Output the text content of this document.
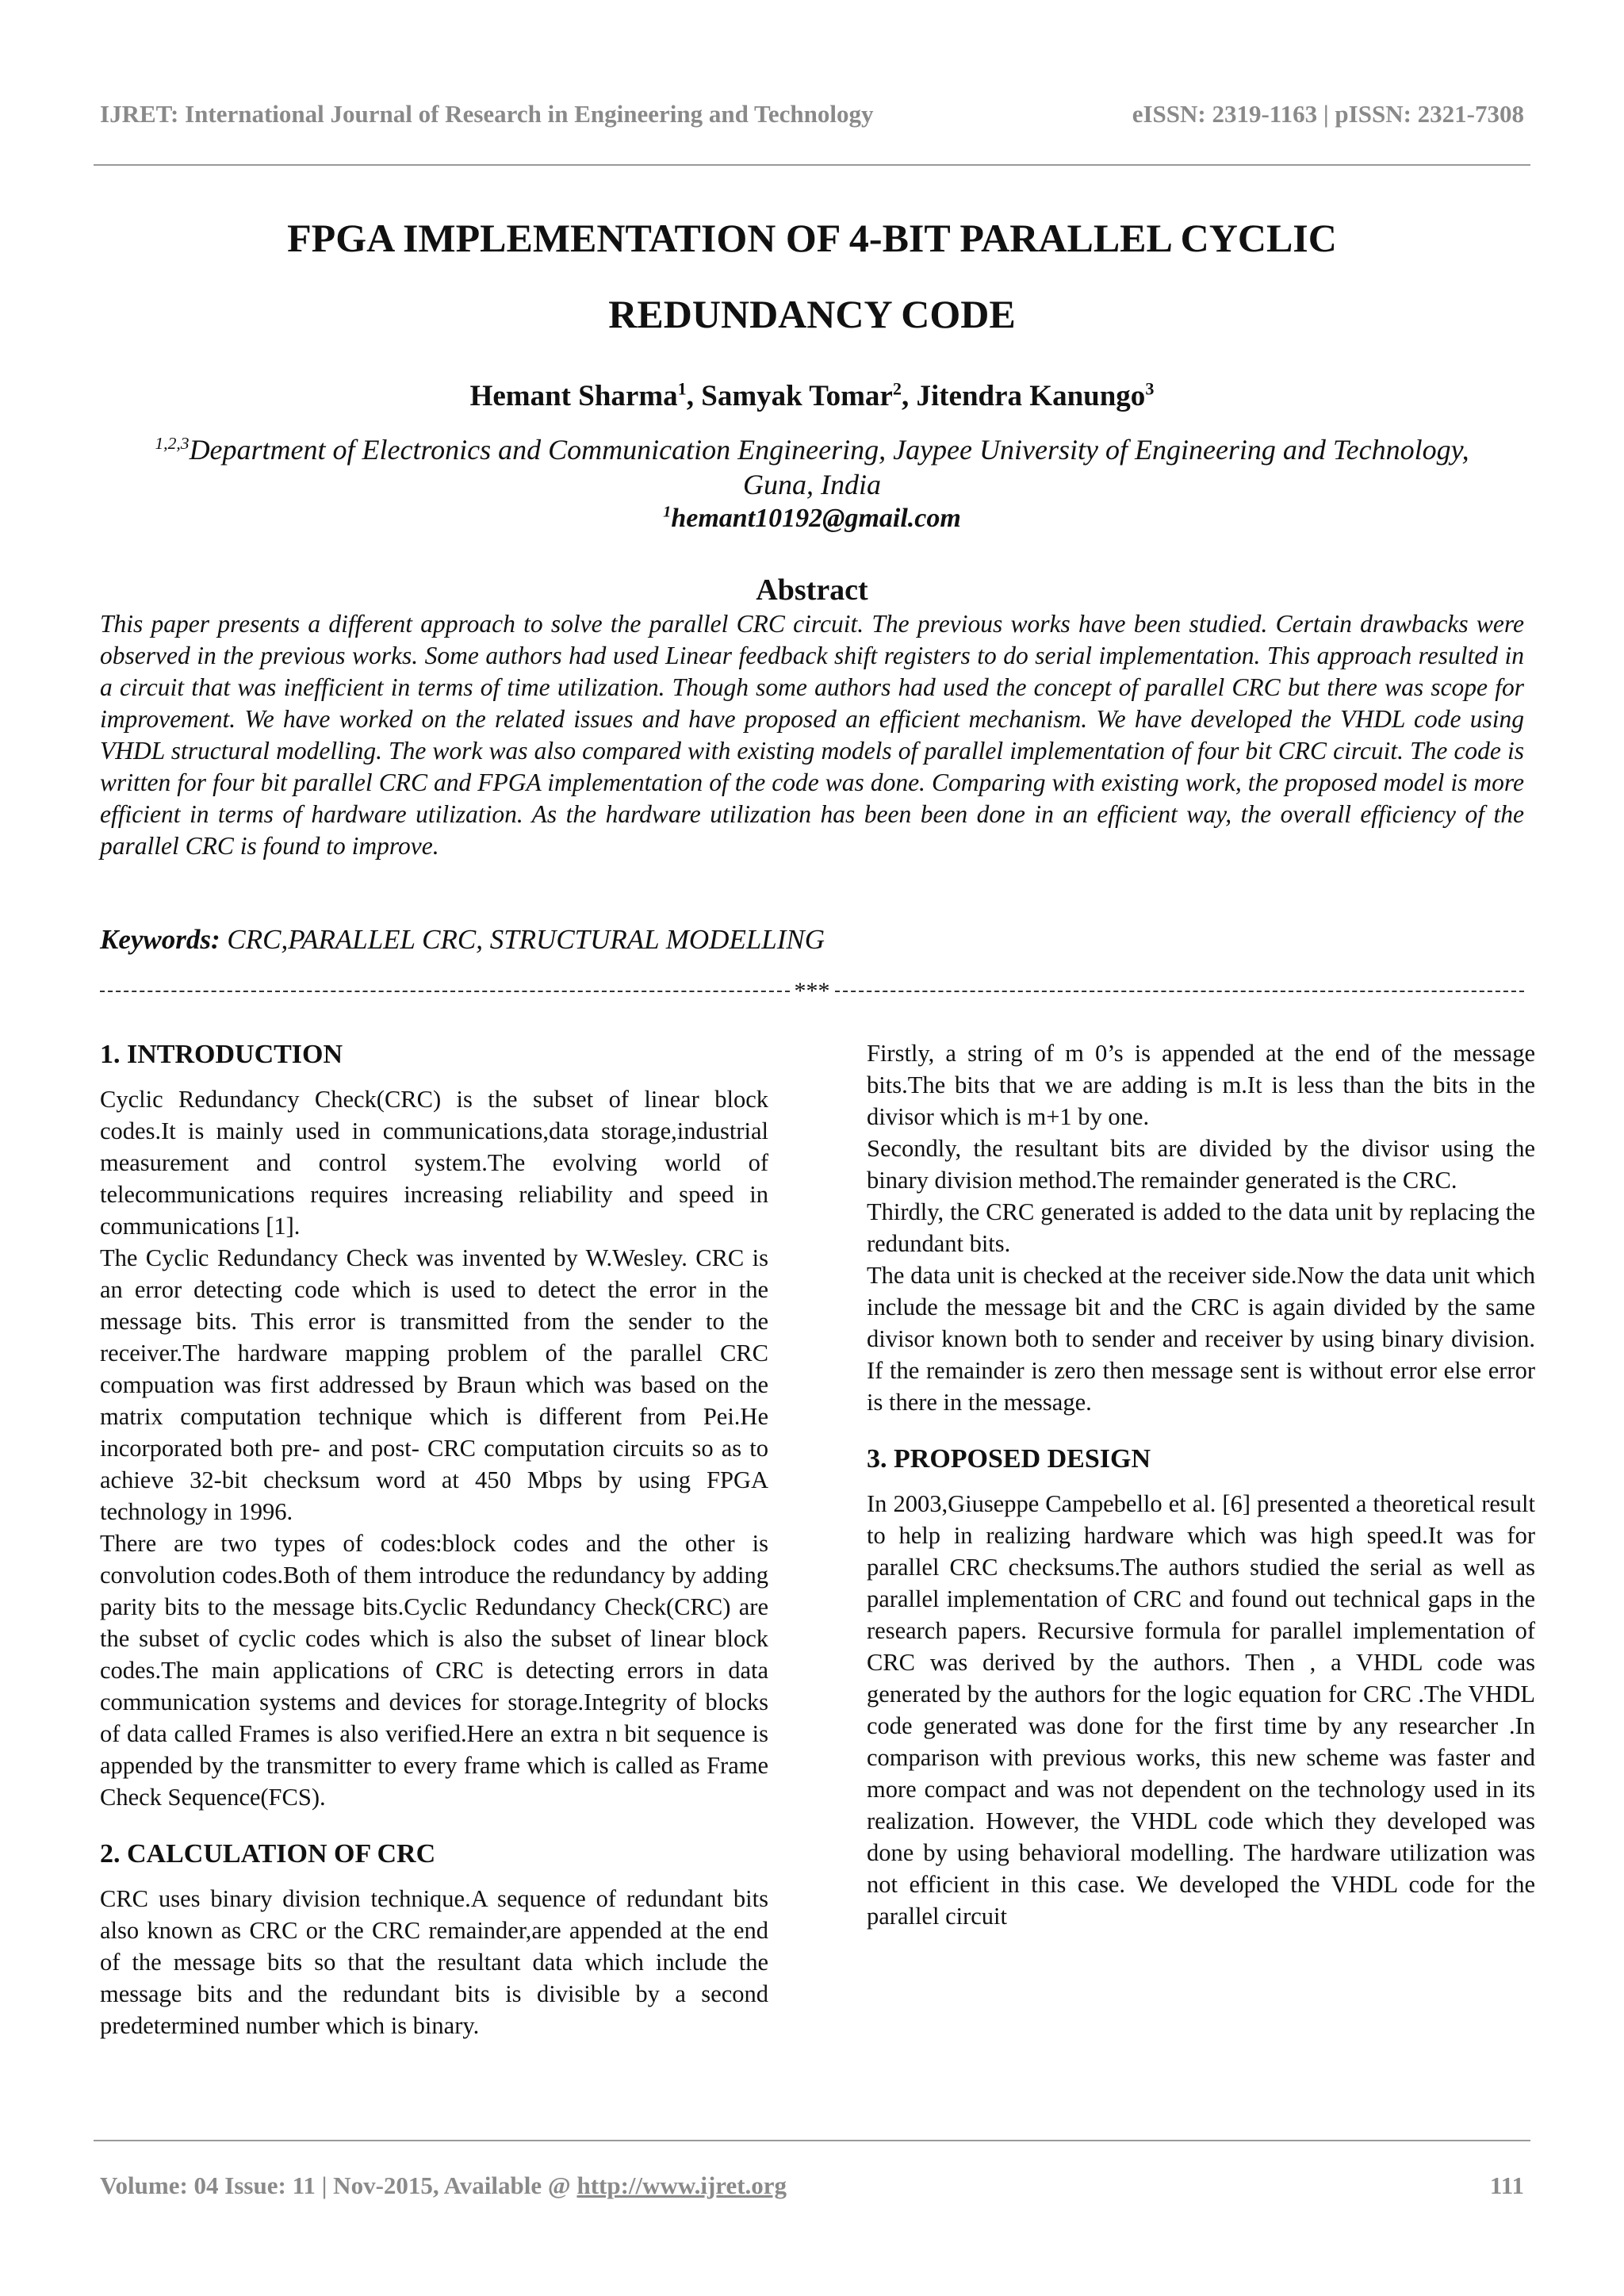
IJRET: International Journal of Research in Engineering and Technology	eISSN: 2319-1163 | pISSN: 2321-7308
FPGA IMPLEMENTATION OF 4-BIT PARALLEL CYCLIC
REDUNDANCY CODE
Hemant Sharma$^1$, Samyak Tomar$^2$, Jitendra Kanungo$^3$
$^{1,2,3}$Department of Electronics and Communication Engineering, Jaypee University of Engineering and Technology,
Guna, India
$^1$hemant10192@gmail.com
Abstract
This paper presents a different approach to solve the parallel CRC circuit. The previous works have been studied. Certain drawbacks were observed in the previous works. Some authors had used Linear feedback shift registers to do serial implementation. This approach resulted in a circuit that was inefficient in terms of time utilization. Though some authors had used the concept of parallel CRC but there was scope for improvement. We have worked on the related issues and have proposed an efficient mechanism. We have developed the VHDL code using VHDL structural modelling. The work was also compared with existing models of parallel implementation of four bit CRC circuit. The code is written for four bit parallel CRC and FPGA implementation of the code was done. Comparing with existing work, the proposed model is more efficient in terms of hardware utilization. As the hardware utilization has been been done in an efficient way, the overall efficiency of the parallel CRC is found to improve.
Keywords: CRC,PARALLEL CRC, STRUCTURAL MODELLING
***
1. INTRODUCTION

Cyclic Redundancy Check(CRC) is the subset of linear block codes.It is mainly used in communications,data storage,industrial measurement and control system.The evolving world of telecommunications requires increasing reliability and speed in communications [1].

The Cyclic Redundancy Check was invented by W.Wesley. CRC is an error detecting code which is used to detect the error in the message bits. This error is transmitted from the sender to the receiver.The hardware mapping problem of the parallel CRC compuation was first addressed by Braun which was based on the matrix computation technique which is different from Pei.He incorporated both pre- and post- CRC computation circuits so as to achieve 32-bit checksum word at 450 Mbps by using FPGA technology in 1996.

There are two types of codes:block codes and the other is convolution codes.Both of them introduce the redundancy by adding parity bits to the message bits.Cyclic Redundancy Check(CRC) are the subset of cyclic codes which is also the subset of linear block codes.The main applications of CRC is detecting errors in data communication systems and devices for storage.Integrity of blocks of data called Frames is also verified.Here an extra n bit sequence is appended by the transmitter to every frame which is called as Frame Check Sequence(FCS).

2. CALCULATION OF CRC

CRC uses binary division technique.A sequence of redundant bits also known as CRC or the CRC remainder,are appended at the end of the message bits so that the resultant data which include the message bits and the redundant bits is divisible by a second predetermined number which is binary.

Firstly, a string of m 0’s is appended at the end of the message bits.The bits that we are adding is m.It is less than the bits in the divisor which is m+1 by one.

Secondly, the resultant bits are divided by the divisor using the binary division method.The remainder generated is the CRC.

Thirdly, the CRC generated is added to the data unit by replacing the redundant bits.

The data unit is checked at the receiver side.Now the data unit which include the message bit and the CRC is again divided by the same divisor known both to sender and receiver by using binary division. If the remainder is zero then message sent is without error else error is there in the message.

3. PROPOSED DESIGN

In 2003,Giuseppe Campebello et al. [6] presented a theoretical result to help in realizing hardware which was high speed.It was for parallel CRC checksums.The authors studied the serial as well as parallel implementation of CRC and found out technical gaps in the research papers. Recursive formula for parallel implementation of CRC was derived by the authors. Then , a VHDL code was generated by the authors for the logic equation for CRC .The VHDL code generated was done for the first time by any researcher .In comparison with previous works, this new scheme was faster and more compact and was not dependent on the technology used in its realization. However, the VHDL code which they developed was done by using behavioral modelling. The hardware utilization was not efficient in this case. We developed the VHDL code for the parallel circuit

Volume: 04 Issue: 11 | Nov-2015, Available @ http://www.ijret.org	111
